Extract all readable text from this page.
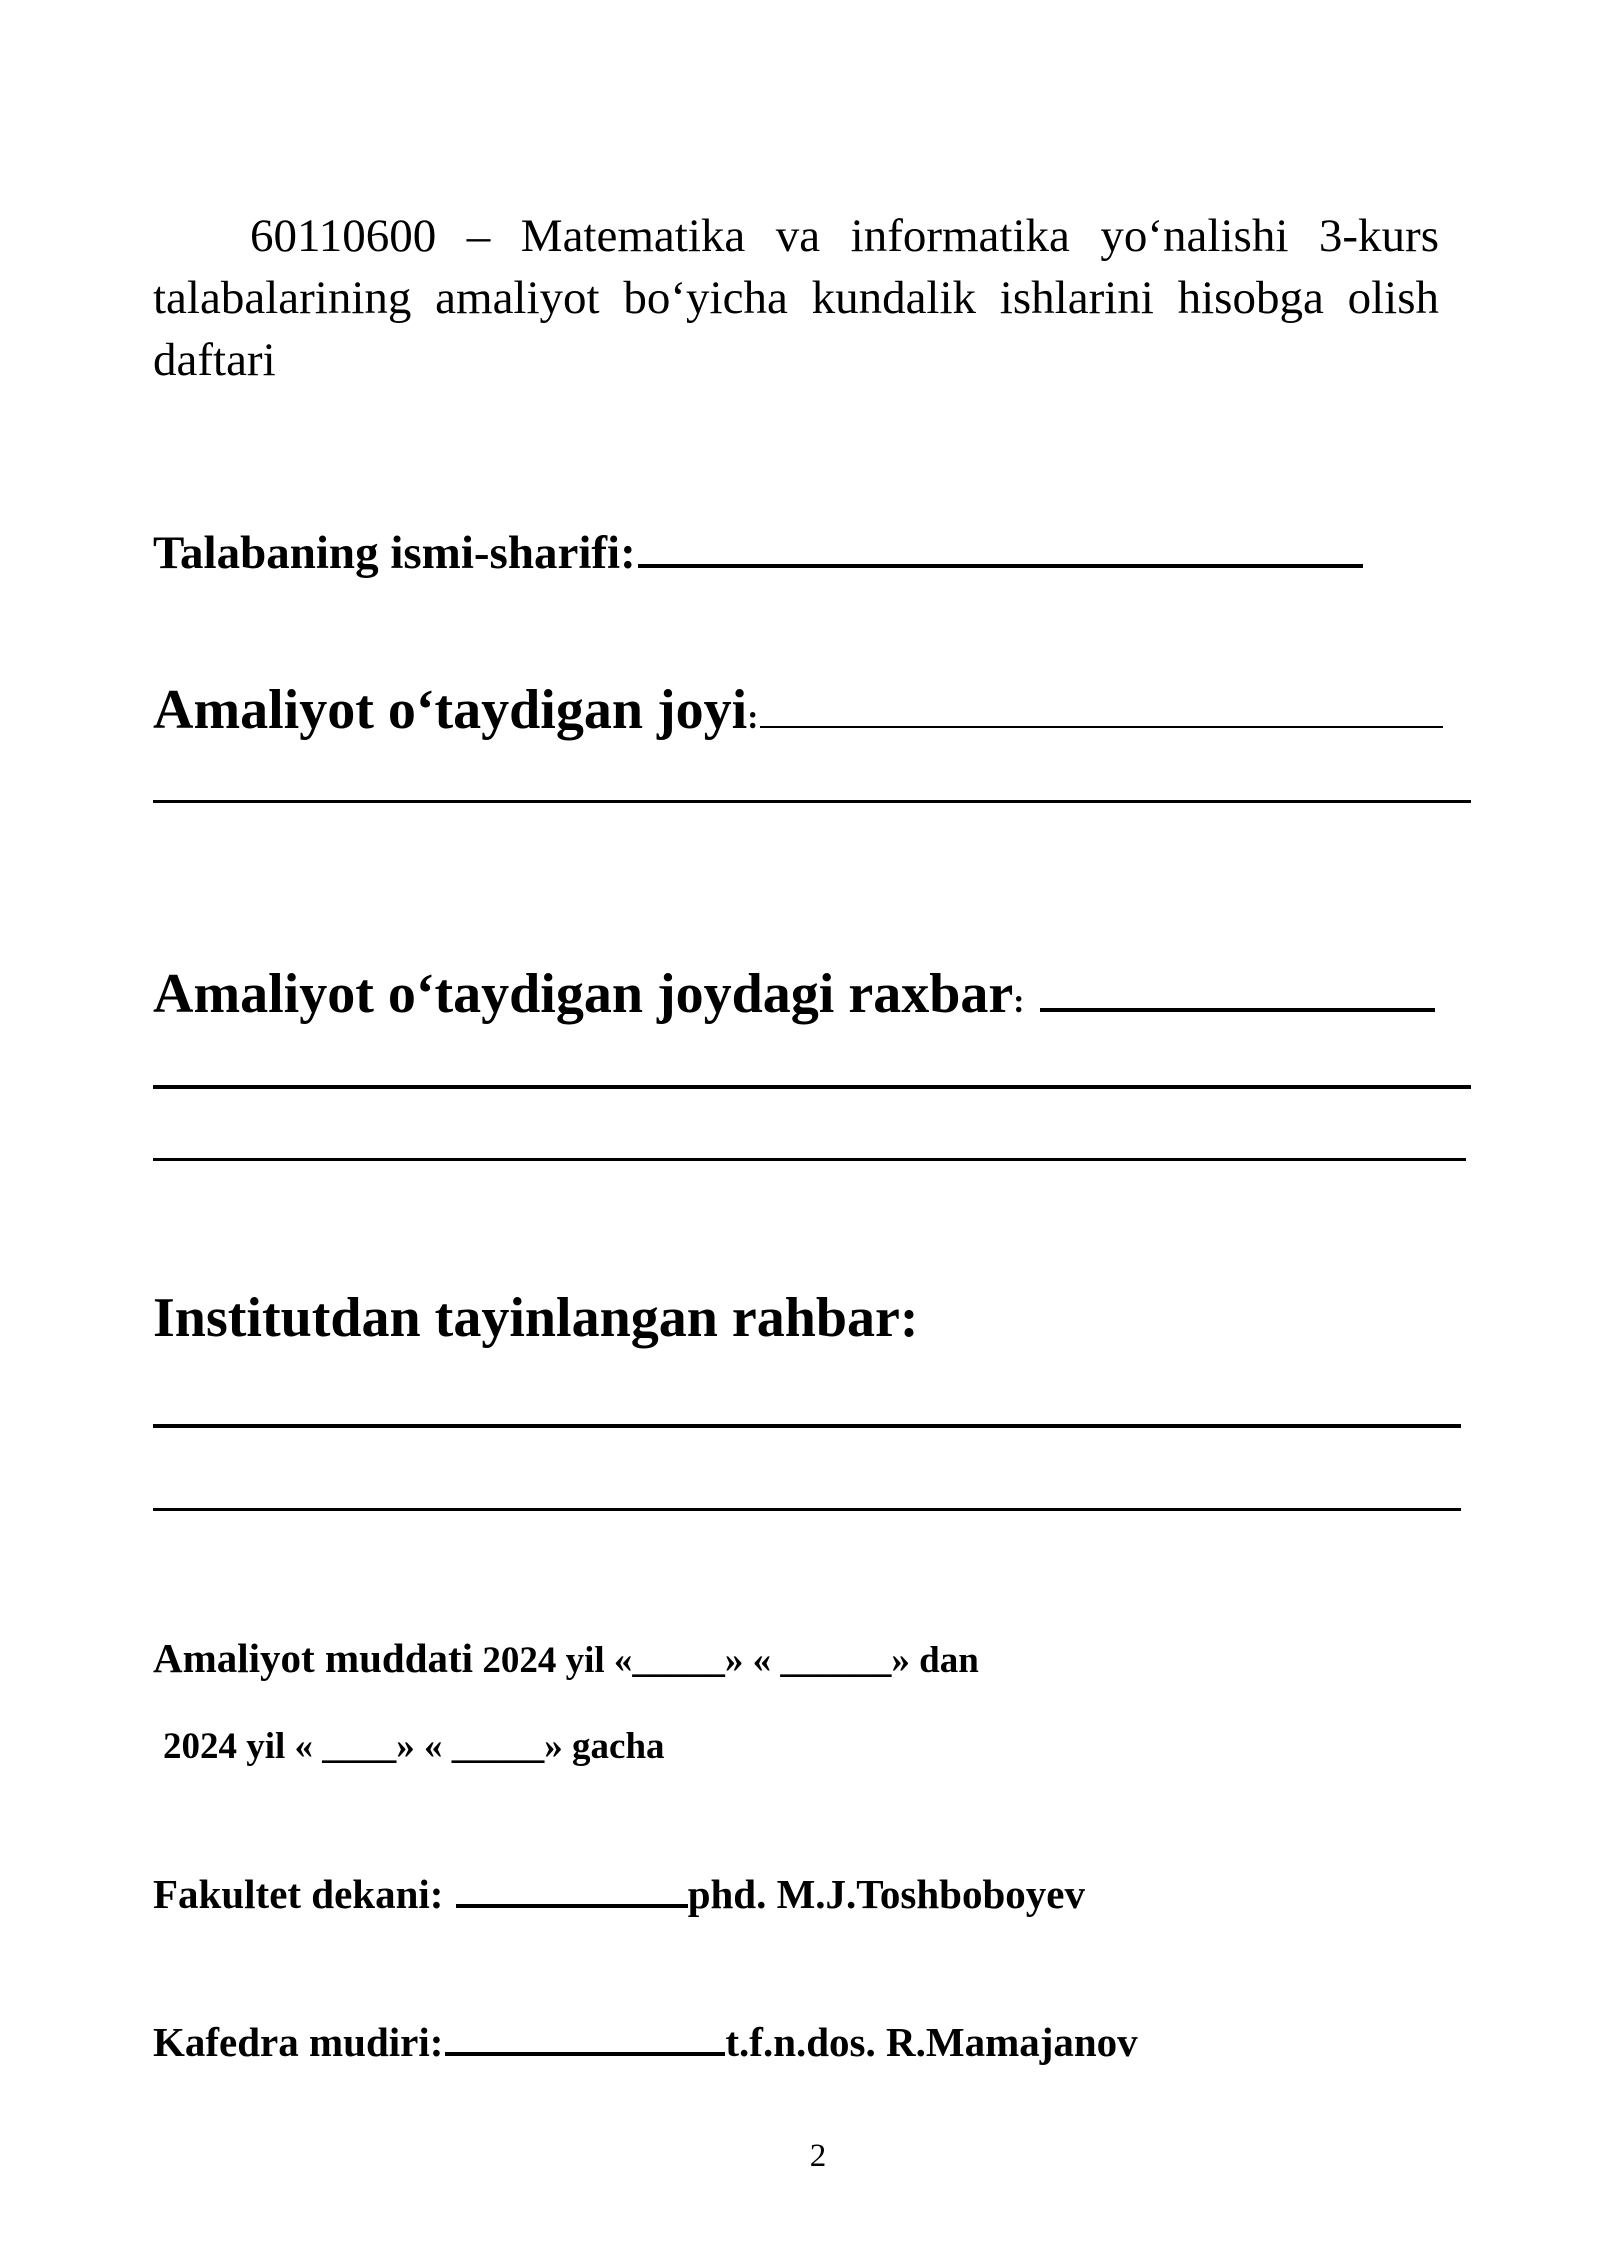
60110600 – Matematika va informatika yo‘nalishi 3-kurs talabalarining amaliyot bo‘yicha kundalik ishlarini hisobga olish daftari

Talabaning ismi-sharifi:
Amaliyot o‘taydigan joyi:
Amaliyot o‘taydigan joydagi raxbar:
Institutdan tayinlangan rahbar:
Amaliyot muddati 2024 yil «_____» « ______» dan
2024 yil « ____» « _____» gacha
Fakultet dekani:	phd. M.J.Toshboboyev
Kafedra mudiri:	t.f.n.dos. R.Mamajanov
2
